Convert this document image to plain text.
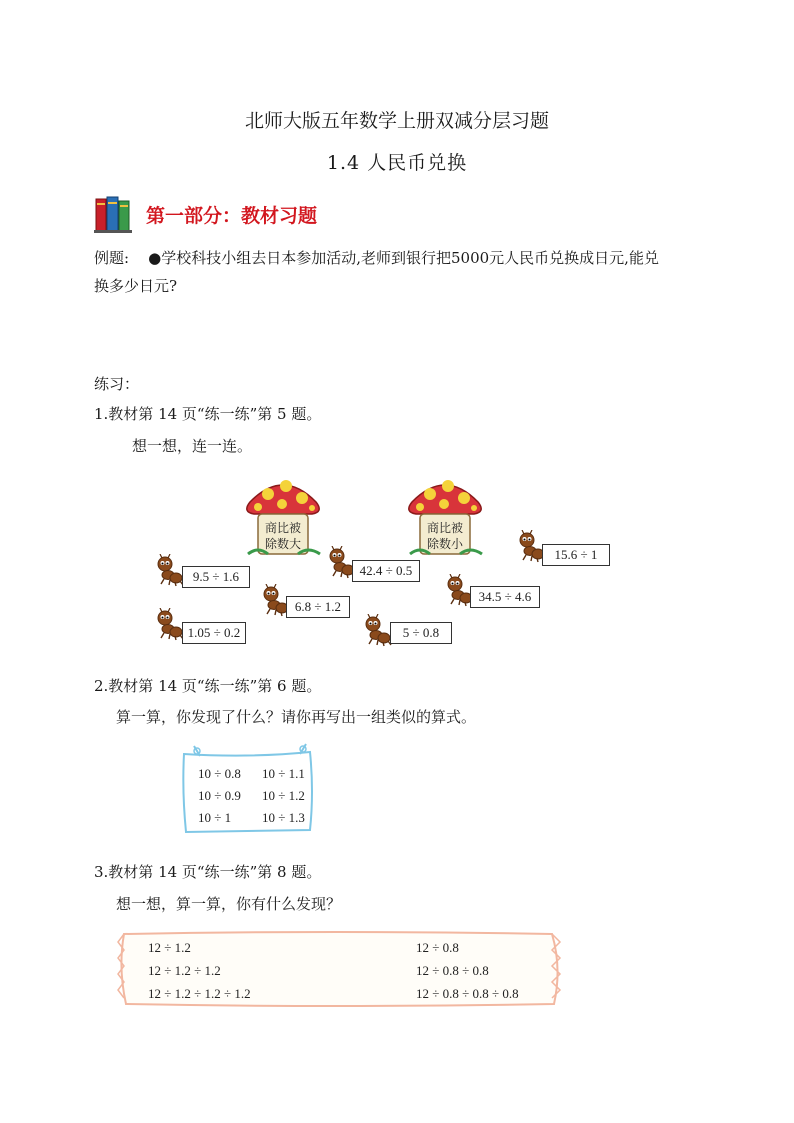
北师大版五年数学上册双减分层习题
1.4 人民币兑换
第一部分：教材习题
例题: ●学校科技小组去日本参加活动,老师到银行把5000元人民币兑换成日元,能兑
换多少日元?
练习：
1.教材第 14 页“练一练”第 5 题。
想一想，连一连。
商比被
除数大
商比被
除数小
9.5 ÷ 1.6
1.05 ÷ 0.2
6.8 ÷ 1.2
42.4 ÷ 0.5
5 ÷ 0.8
34.5 ÷ 4.6
15.6 ÷ 1
2.教材第 14 页“练一练”第 6 题。
算一算，你发现了什么？请你再写出一组类似的算式。
10 ÷ 0.8
10 ÷ 0.9
10 ÷ 1
10 ÷ 1.1
10 ÷ 1.2
10 ÷ 1.3
3.教材第 14 页“练一练”第 8 题。
想一想，算一算，你有什么发现？
12 ÷ 1.2
12 ÷ 1.2 ÷ 1.2
12 ÷ 1.2 ÷ 1.2 ÷ 1.2
12 ÷ 0.8
12 ÷ 0.8 ÷ 0.8
12 ÷ 0.8 ÷ 0.8 ÷ 0.8
